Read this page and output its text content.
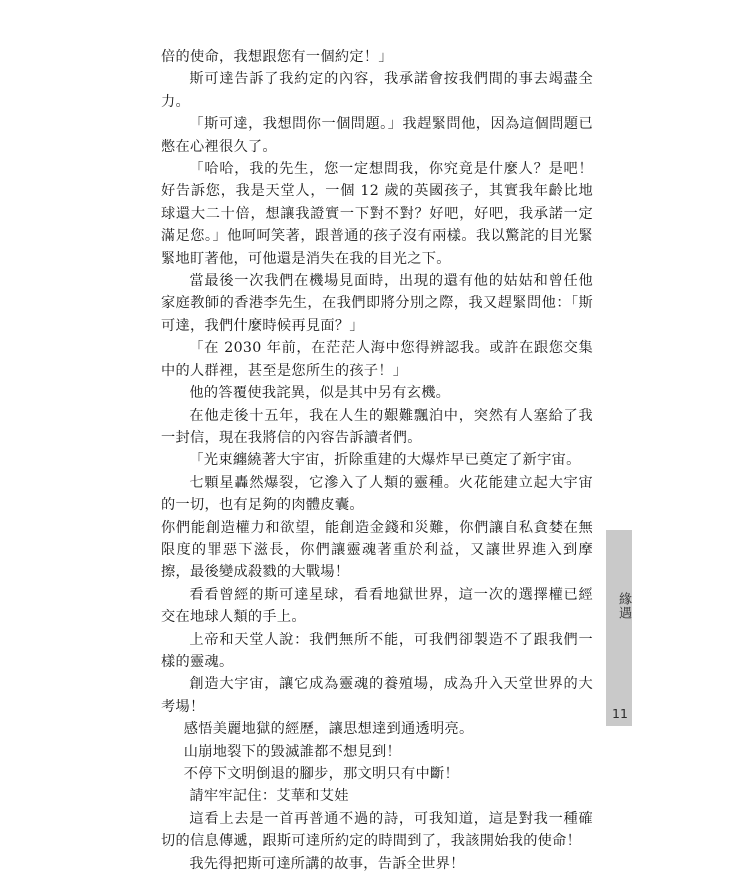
倍的使命，我想跟您有一個約定！」

斯可達告訴了我約定的內容，我承諾會按我們間的事去竭盡全力。

「斯可達，我想問你一個問題。」我趕緊問他，因為這個問題已憋在心裡很久了。

「哈哈，我的先生，您一定想問我，你究竟是什麼人？是吧！好告訴您，我是天堂人，一個 12 歲的英國孩子，其實我年齡比地球還大二十倍，想讓我證實一下對不對？好吧，好吧，我承諾一定滿足您。」他呵呵笑著，跟普通的孩子沒有兩樣。我以驚詫的目光緊緊地盯著他，可他還是消失在我的目光之下。

當最後一次我們在機場見面時，出現的還有他的姑姑和曾任他家庭教師的香港李先生，在我們即將分別之際，我又趕緊問他：「斯可達，我們什麼時候再見面？」

「在 2030 年前，在茫茫人海中您得辨認我。或許在跟您交集中的人群裡，甚至是您所生的孩子！」

他的答覆使我詫異，似是其中另有玄機。

在他走後十五年，我在人生的艱難飄泊中，突然有人塞給了我一封信，現在我將信的內容告訴讀者們。

「光束纏繞著大宇宙，折除重建的大爆炸早已奠定了新宇宙。

七顆星轟然爆裂，它滲入了人類的靈種。火花能建立起大宇宙的一切，也有足夠的肉體皮囊。

你們能創造權力和欲望，能創造金錢和災難，你們讓自私貪婪在無限度的罪惡下滋長，你們讓靈魂著重於利益，又讓世界進入到摩擦，最後變成殺戮的大戰場！

看看曾經的斯可達星球，看看地獄世界，這一次的選擇權已經交在地球人類的手上。

上帝和天堂人說：我們無所不能，可我們卻製造不了跟我們一樣的靈魂。

創造大宇宙，讓它成為靈魂的養殖場，成為升入天堂世界的大考場！

感悟美麗地獄的經歷，讓思想達到通透明亮。

山崩地裂下的毀滅誰都不想見到！

不停下文明倒退的腳步，那文明只有中斷！

請牢牢記住：艾華和艾娃

這看上去是一首再普通不過的詩，可我知道，這是對我一種確切的信息傳遞，跟斯可達所約定的時間到了，我該開始我的使命！

我先得把斯可達所講的故事，告訴全世界！

緣遇
11
